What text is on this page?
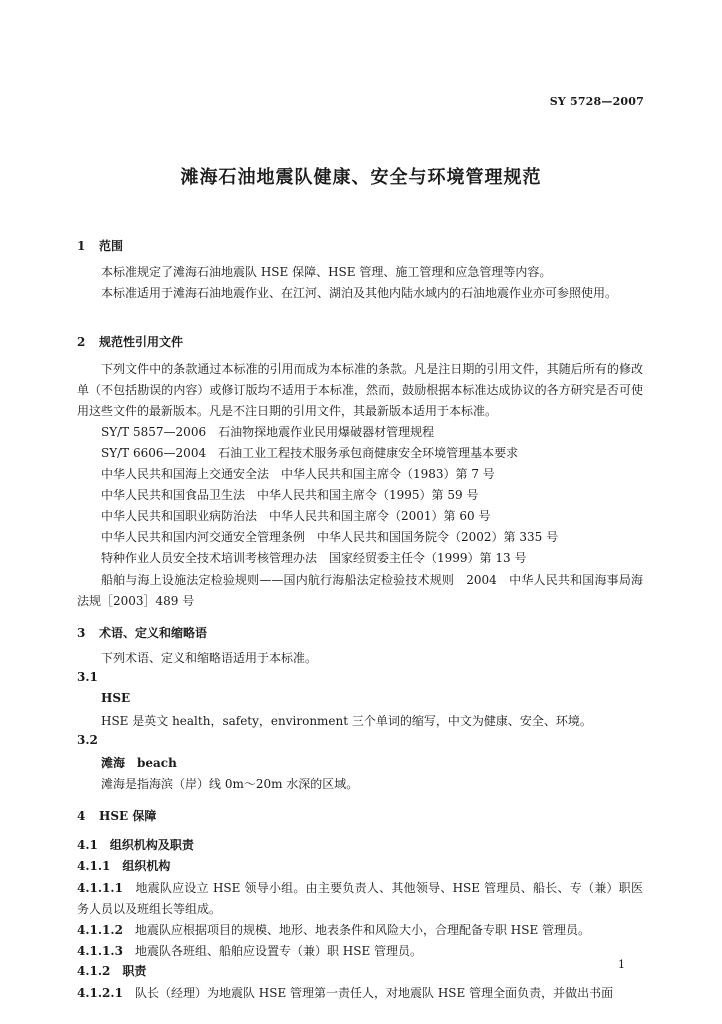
SY 5728—2007
滩海石油地震队健康、安全与环境管理规范
1 范围
本标准规定了滩海石油地震队 HSE 保障、HSE 管理、施工管理和应急管理等内容。
本标准适用于滩海石油地震作业、在江河、湖泊及其他内陆水域内的石油地震作业亦可参照使用。
2 规范性引用文件
下列文件中的条款通过本标准的引用而成为本标准的条款。凡是注日期的引用文件，其随后所有的修改单（不包括勘误的内容）或修订版均不适用于本标准，然而，鼓励根据本标准达成协议的各方研究是否可使用这些文件的最新版本。凡是不注日期的引用文件，其最新版本适用于本标准。
SY/T 5857—2006　石油物探地震作业民用爆破器材管理规程
SY/T 6606—2004　石油工业工程技术服务承包商健康安全环境管理基本要求
中华人民共和国海上交通安全法　中华人民共和国主席令（1983）第 7 号
中华人民共和国食品卫生法　中华人民共和国主席令（1995）第 59 号
中华人民共和国职业病防治法　中华人民共和国主席令（2001）第 60 号
中华人民共和国内河交通安全管理条例　中华人民共和国国务院令（2002）第 335 号
特种作业人员安全技术培训考核管理办法　国家经贸委主任令（1999）第 13 号
船舶与海上设施法定检验规则——国内航行海船法定检验技术规则　2004　中华人民共和国海事局海法规［2003］489 号
3 术语、定义和缩略语
下列术语、定义和缩略语适用于本标准。
3.1
HSE
HSE 是英文 health，safety，environment 三个单词的缩写，中文为健康、安全、环境。
3.2
滩海　beach
滩海是指海滨（岸）线 0m～20m 水深的区域。
4 HSE 保障
4.1　组织机构及职责
4.1.1　组织机构
4.1.1.1　 地震队应设立 HSE 领导小组。由主要负责人、其他领导、HSE 管理员、船长、专（兼）职医务人员以及班组长等组成。
4.1.1.2　 地震队应根据项目的规模、地形、地表条件和风险大小，合理配备专职 HSE 管理员。
4.1.1.3　 地震队各班组、船舶应设置专（兼）职 HSE 管理员。
4.1.2　职责
4.1.2.1　 队长（经理）为地震队 HSE 管理第一责任人，对地震队 HSE 管理全面负责，并做出书面
1
